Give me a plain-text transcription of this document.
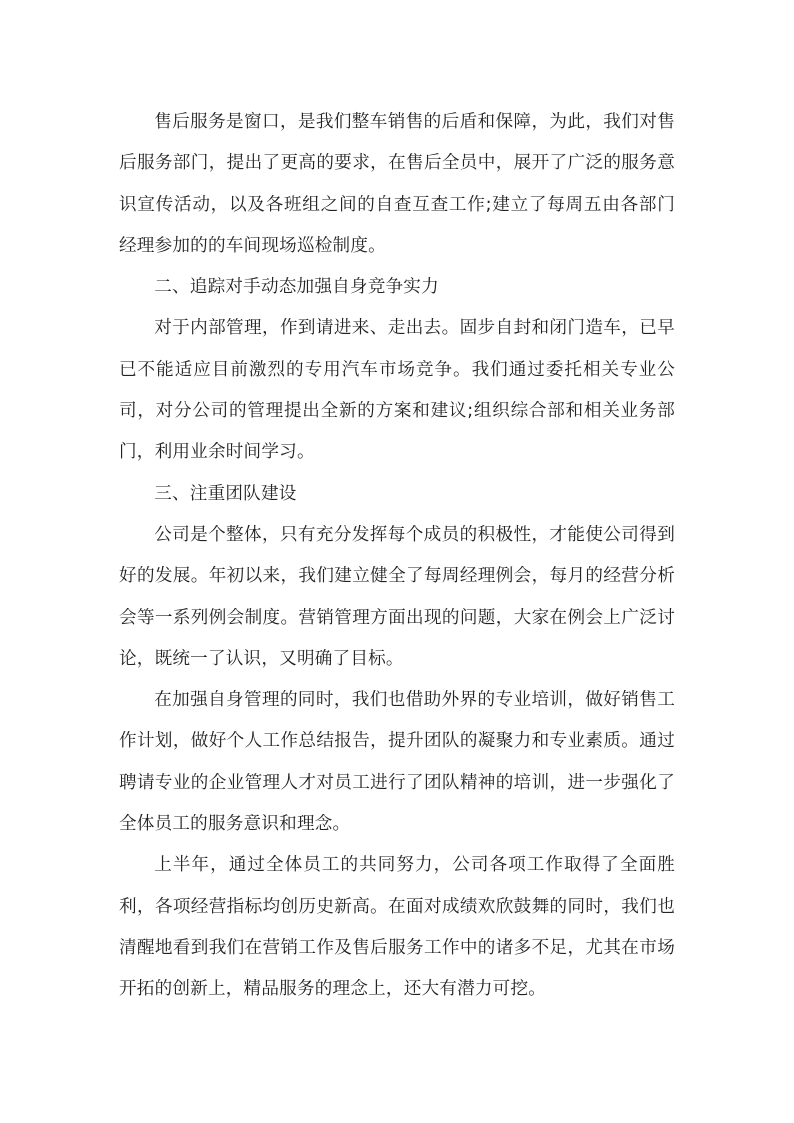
售后服务是窗口，是我们整车销售的后盾和保障，为此，我们对售后服务部门，提出了更高的要求，在售后全员中，展开了广泛的服务意识宣传活动，以及各班组之间的自查互查工作;建立了每周五由各部门经理参加的的车间现场巡检制度。

二、追踪对手动态加强自身竞争实力

对于内部管理，作到请进来、走出去。固步自封和闭门造车，已早已不能适应目前激烈的专用汽车市场竞争。我们通过委托相关专业公司，对分公司的管理提出全新的方案和建议;组织综合部和相关业务部门，利用业余时间学习。

三、注重团队建设

公司是个整体，只有充分发挥每个成员的积极性，才能使公司得到好的发展。年初以来，我们建立健全了每周经理例会，每月的经营分析会等一系列例会制度。营销管理方面出现的问题，大家在例会上广泛讨论，既统一了认识，又明确了目标。

在加强自身管理的同时，我们也借助外界的专业培训，做好销售工作计划，做好个人工作总结报告，提升团队的凝聚力和专业素质。通过聘请专业的企业管理人才对员工进行了团队精神的培训，进一步强化了全体员工的服务意识和理念。

上半年，通过全体员工的共同努力，公司各项工作取得了全面胜利，各项经营指标均创历史新高。在面对成绩欢欣鼓舞的同时，我们也清醒地看到我们在营销工作及售后服务工作中的诸多不足，尤其在市场开拓的创新上，精品服务的理念上，还大有潜力可挖。
